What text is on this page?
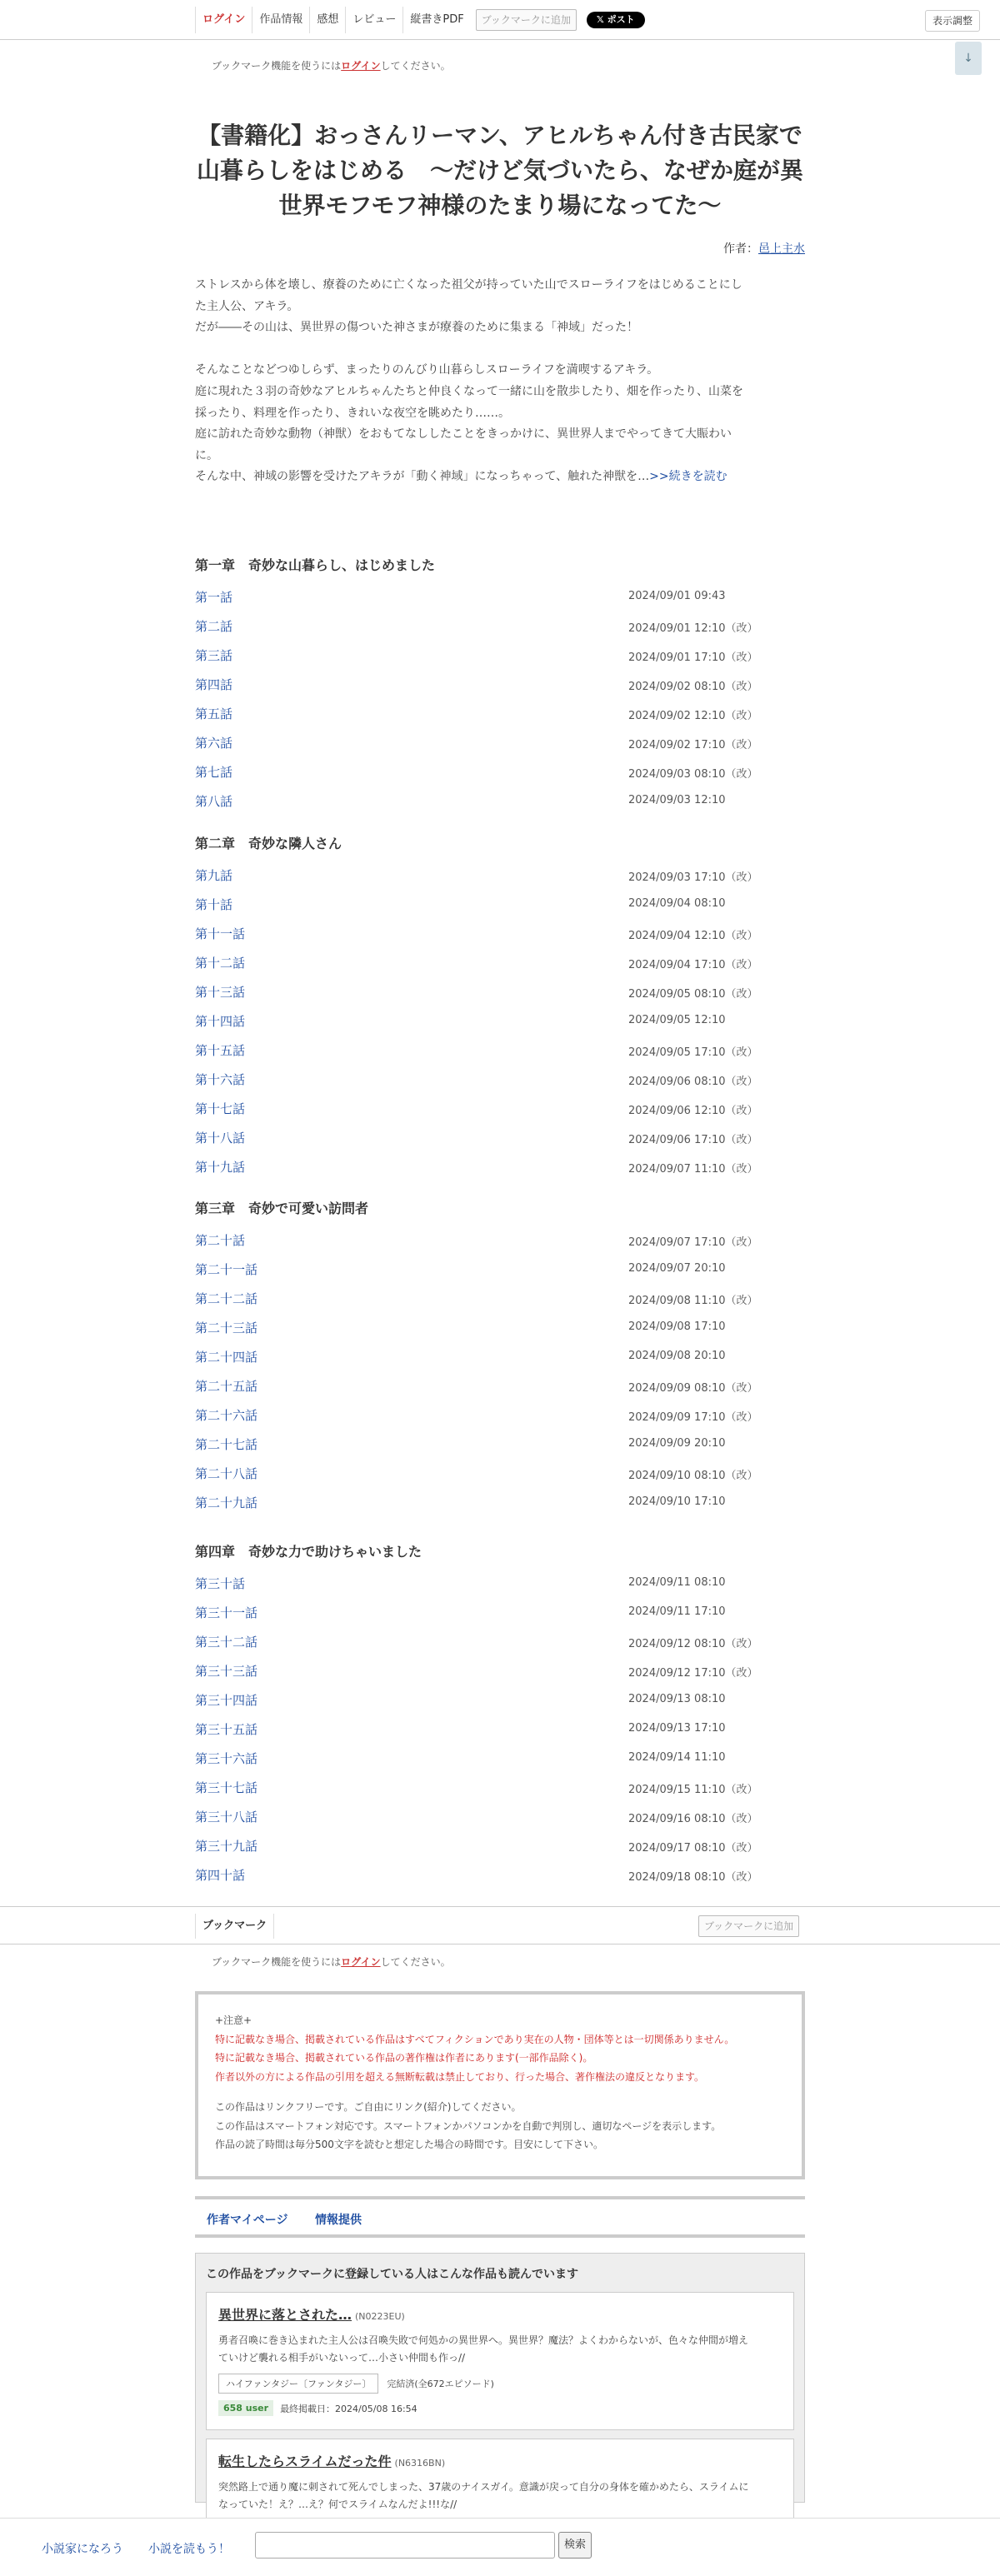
ログイン	作品情報	感想	レビュー	縦書きPDF	ブックマークに追加	𝕏 ポスト	表示調整
ブックマーク機能を使うにはログインしてください。
↓
【書籍化】おっさんリーマン、アヒルちゃん付き古民家で
山暮らしをはじめる　〜だけど気づいたら、なぜか庭が異
世界モフモフ神様のたまり場になってた〜
作者：邑上主水

ストレスから体を壊し、療養のために亡くなった祖父が持っていた山でスローライフをはじめることにし

た主人公、アキラ。

だが――その山は、異世界の傷ついた神さまが療養のために集まる「神域」だった！

そんなことなどつゆしらず、まったりのんびり山暮らしスローライフを満喫するアキラ。

庭に現れた３羽の奇妙なアヒルちゃんたちと仲良くなって一緒に山を散歩したり、畑を作ったり、山菜を

採ったり、料理を作ったり、きれいな夜空を眺めたり……。

庭に訪れた奇妙な動物（神獣）をおもてなししたことをきっかけに、異世界人までやってきて大賑わい

に。

そんな中、神域の影響を受けたアキラが「動く神域」になっちゃって、触れた神獣を…>>続きを読む

第一章　奇妙な山暮らし、はじめました
第一話	2024/09/01 09:43
第二話	2024/09/01 12:10（改）
第三話	2024/09/01 17:10（改）
第四話	2024/09/02 08:10（改）
第五話	2024/09/02 12:10（改）
第六話	2024/09/02 17:10（改）
第七話	2024/09/03 08:10（改）
第八話	2024/09/03 12:10
第二章　奇妙な隣人さん
第九話	2024/09/03 17:10（改）
第十話	2024/09/04 08:10
第十一話	2024/09/04 12:10（改）
第十二話	2024/09/04 17:10（改）
第十三話	2024/09/05 08:10（改）
第十四話	2024/09/05 12:10
第十五話	2024/09/05 17:10（改）
第十六話	2024/09/06 08:10（改）
第十七話	2024/09/06 12:10（改）
第十八話	2024/09/06 17:10（改）
第十九話	2024/09/07 11:10（改）
第三章　奇妙で可愛い訪問者
第二十話	2024/09/07 17:10（改）
第二十一話	2024/09/07 20:10
第二十二話	2024/09/08 11:10（改）
第二十三話	2024/09/08 17:10
第二十四話	2024/09/08 20:10
第二十五話	2024/09/09 08:10（改）
第二十六話	2024/09/09 17:10（改）
第二十七話	2024/09/09 20:10
第二十八話	2024/09/10 08:10（改）
第二十九話	2024/09/10 17:10
第四章　奇妙な力で助けちゃいました
第三十話	2024/09/11 08:10
第三十一話	2024/09/11 17:10
第三十二話	2024/09/12 08:10（改）
第三十三話	2024/09/12 17:10（改）
第三十四話	2024/09/13 08:10
第三十五話	2024/09/13 17:10
第三十六話	2024/09/14 11:10
第三十七話	2024/09/15 11:10（改）
第三十八話	2024/09/16 08:10（改）
第三十九話	2024/09/17 08:10（改）
第四十話	2024/09/18 08:10（改）
ブックマーク	ブックマークに追加
ブックマーク機能を使うにはログインしてください。
+注意+
特に記載なき場合、掲載されている作品はすべてフィクションであり実在の人物・団体等とは一切関係ありません。
特に記載なき場合、掲載されている作品の著作権は作者にあります(一部作品除く)。
作者以外の方による作品の引用を超える無断転載は禁止しており、行った場合、著作権法の違反となります。
この作品はリンクフリーです。ご自由にリンク(紹介)してください。
この作品はスマートフォン対応です。スマートフォンかパソコンかを自動で判別し、適切なページを表示します。
作品の読了時間は毎分500文字を読むと想定した場合の時間です。目安にして下さい。
作者マイページ 情報提供
この作品をブックマークに登録している人はこんな作品も読んでいます
異世界に落とされた… (N0223EU)
勇者召喚に巻き込まれた主人公は召喚失敗で何処かの異世界へ。異世界？魔法？よくわからないが、色々な仲間が増え
ていけど襲れる相手がいないって…小さい仲間も作っ//
ハイファンタジー〔ファンタジー〕	完結済(全672エピソード)
658 user	最終掲載日：2024/05/08 16:54
転生したらスライムだった件 (N6316BN)
突然路上で通り魔に刺されて死んでしまった、37歳のナイスガイ。意識が戻って自分の身体を確かめたら、スライムに
なっていた！え？…え？何でスライムなんだよ!!!な//
小説家になろう 小説を読もう！	検索
